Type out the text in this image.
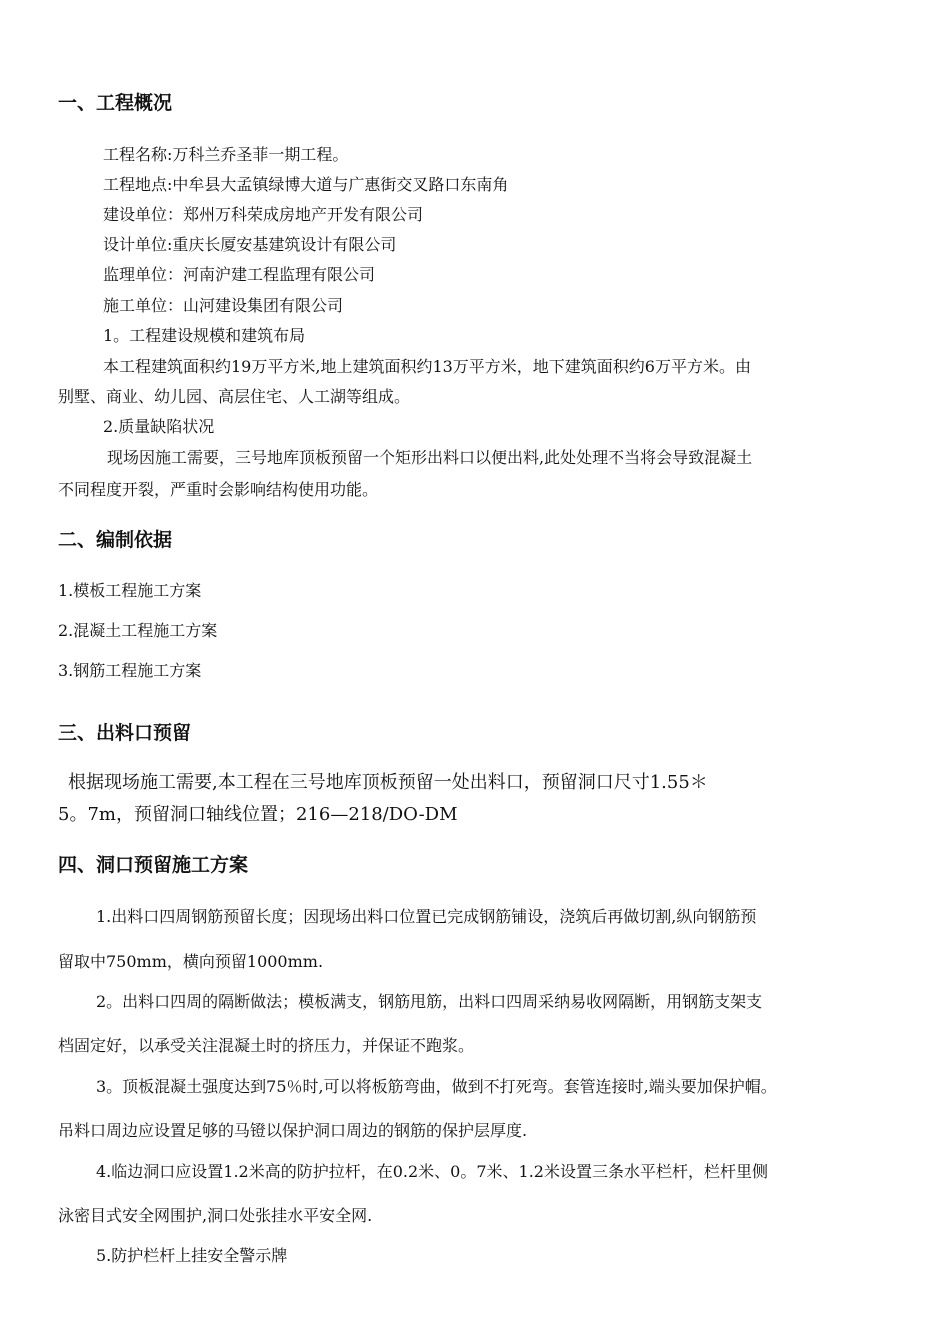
一、工程概况

工程名称:万科兰乔圣菲一期工程。

工程地点:中牟县大孟镇绿博大道与广惠街交叉路口东南角

建设单位：郑州万科荣成房地产开发有限公司

设计单位:重庆长厦安基建筑设计有限公司

监理单位：河南沪建工程监理有限公司

施工单位：山河建设集团有限公司

1。工程建设规模和建筑布局

本工程建筑面积约19万平方米,地上建筑面积约13万平方米，地下建筑面积约6万平方米。由

别墅、商业、幼儿园、高层住宅、人工湖等组成。

2.质量缺陷状况

现场因施工需要，三号地库顶板预留一个矩形出料口以便出料,此处处理不当将会导致混凝土

不同程度开裂，严重时会影响结构使用功能。

二、编制依据

1.模板工程施工方案

2.混凝土工程施工方案

3.钢筋工程施工方案

三、出料口预留

根据现场施工需要,本工程在三号地库顶板预留一处出料口，预留洞口尺寸1.55＊

5。7m，预留洞口轴线位置；216—218/DO-DM

四、洞口预留施工方案

1.出料口四周钢筋预留长度；因现场出料口位置已完成钢筋铺设，浇筑后再做切割,纵向钢筋预

留取中750mm，横向预留1000mm.

2。出料口四周的隔断做法；模板满支，钢筋甩筋，出料口四周采纳易收网隔断，用钢筋支架支

档固定好，以承受关注混凝土时的挤压力，并保证不跑浆。

3。顶板混凝土强度达到75％时,可以将板筋弯曲，做到不打死弯。套管连接时,端头要加保护帽。

吊料口周边应设置足够的马镫以保护洞口周边的钢筋的保护层厚度.

4.临边洞口应设置1.2米高的防护拉杆，在0.2米、0。7米、1.2米设置三条水平栏杆，栏杆里侧

泳密目式安全网围护,洞口处张挂水平安全网.

5.防护栏杆上挂安全警示牌
